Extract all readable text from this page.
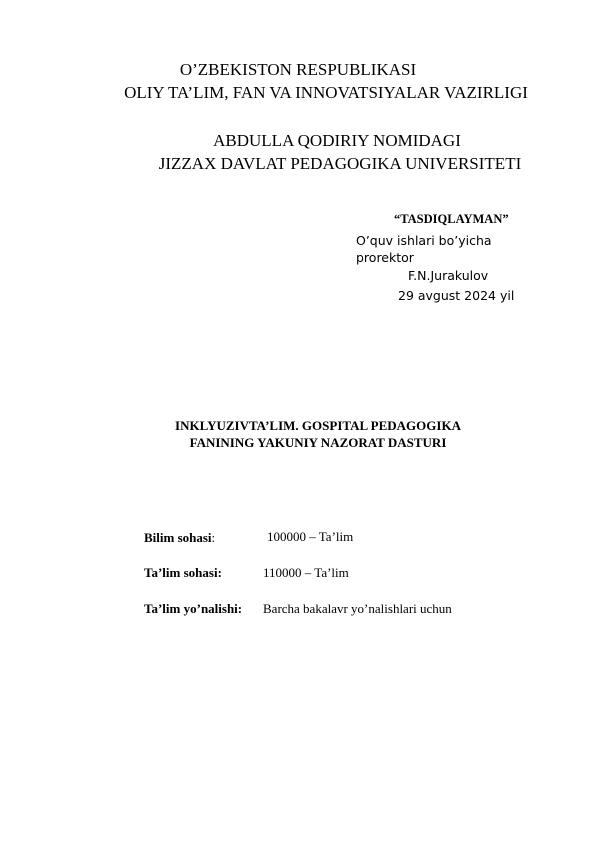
O’ZBEKISTON RESPUBLIKASI
OLIY TA’LIM, FAN VA INNOVATSIYALAR VAZIRLIGI
ABDULLA QODIRIY NOMIDAGI
JIZZAX DAVLAT PEDAGOGIKA UNIVERSITETI
“TASDIQLAYMAN”
O’quv ishlari bo’yicha
prorektor
F.N.Jurakulov
29 avgust 2024 yil
INKLYUZIVTA’LIM. GOSPITAL PEDAGOGIKA
FANINING YAKUNIY NAZORAT DASTURI
Bilim sohasi:	100000 – Ta’lim
Ta’lim sohasi:	110000 – Ta’lim
Ta’lim yo’nalishi: Barcha bakalavr yo’nalishlari uchun
